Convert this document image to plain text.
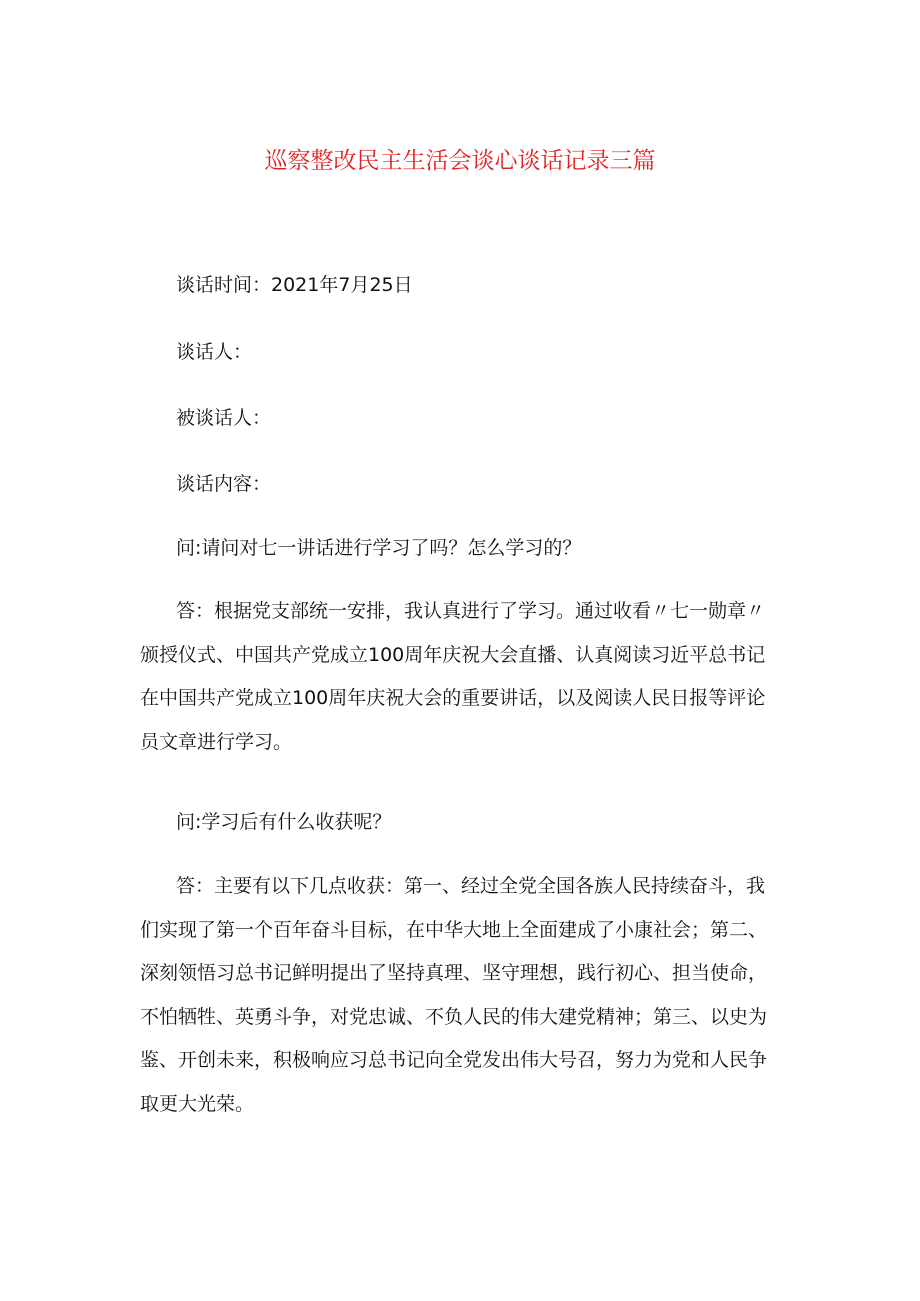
巡察整改民主生活会谈心谈话记录三篇
谈话时间：2021年7月25日
谈话人：
被谈话人：
谈话内容：
问:请问对七一讲话进行学习了吗？怎么学习的？
答：根据党支部统一安排，我认真进行了学习。通过收看〃七一勋章〃颁授仪式、中国共产党成立100周年庆祝大会直播、认真阅读习近平总书记在中国共产党成立100周年庆祝大会的重要讲话，以及阅读人民日报等评论员文章进行学习。
问:学习后有什么收获呢？
答：主要有以下几点收获：第一、经过全党全国各族人民持续奋斗，我们实现了第一个百年奋斗目标，在中华大地上全面建成了小康社会；第二、深刻领悟习总书记鲜明提出了坚持真理、坚守理想，践行初心、担当使命，不怕牺牲、英勇斗争，对党忠诚、不负人民的伟大建党精神；第三、以史为鉴、开创未来，积极响应习总书记向全党发出伟大号召，努力为党和人民争取更大光荣。
